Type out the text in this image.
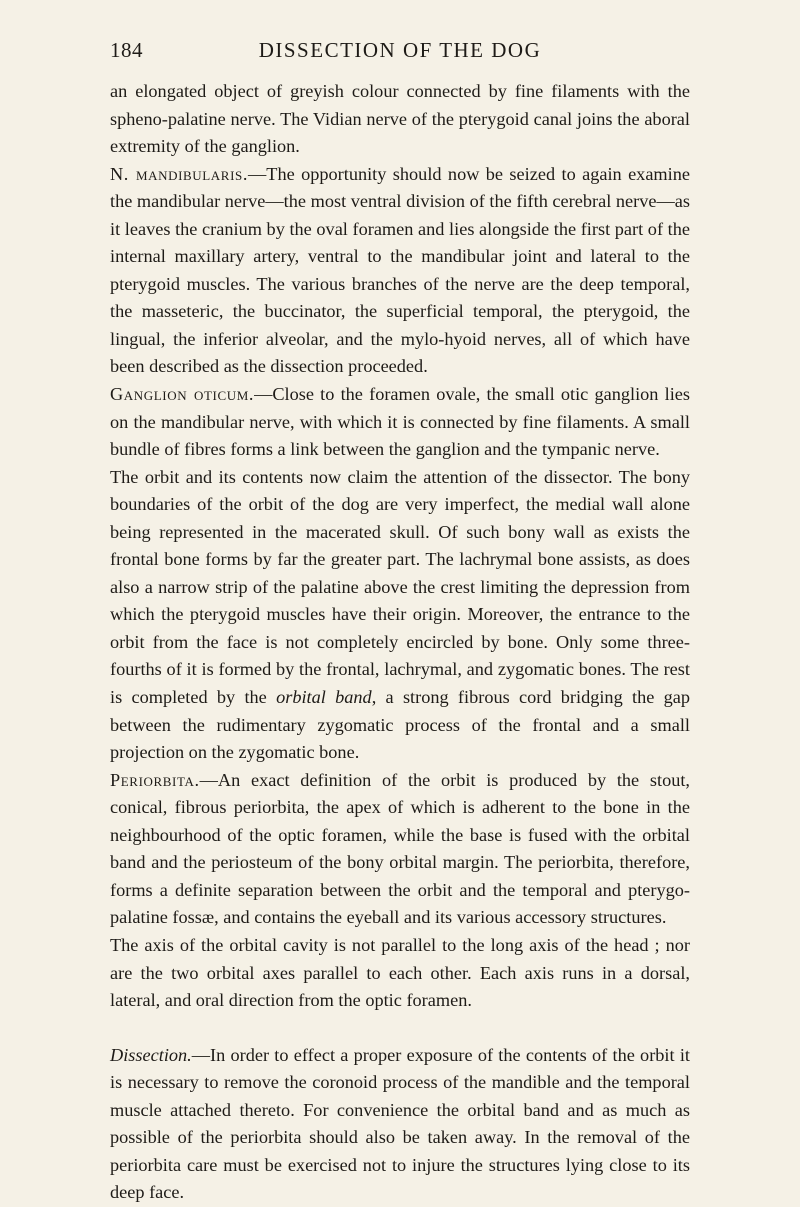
184	DISSECTION OF THE DOG

an elongated object of greyish colour connected by fine filaments with the spheno-palatine nerve. The Vidian nerve of the pterygoid canal joins the aboral extremity of the ganglion.

N. mandibularis.—The opportunity should now be seized to again examine the mandibular nerve—the most ventral division of the fifth cerebral nerve—as it leaves the cranium by the oval foramen and lies alongside the first part of the internal maxillary artery, ventral to the mandibular joint and lateral to the pterygoid muscles. The various branches of the nerve are the deep temporal, the masseteric, the buccinator, the superficial temporal, the pterygoid, the lingual, the inferior alveolar, and the mylo-hyoid nerves, all of which have been described as the dissection proceeded.

Ganglion oticum.—Close to the foramen ovale, the small otic ganglion lies on the mandibular nerve, with which it is connected by fine filaments. A small bundle of fibres forms a link between the ganglion and the tympanic nerve.

The orbit and its contents now claim the attention of the dissector. The bony boundaries of the orbit of the dog are very imperfect, the medial wall alone being represented in the macerated skull. Of such bony wall as exists the frontal bone forms by far the greater part. The lachrymal bone assists, as does also a narrow strip of the palatine above the crest limiting the depression from which the pterygoid muscles have their origin. Moreover, the entrance to the orbit from the face is not completely encircled by bone. Only some three-fourths of it is formed by the frontal, lachrymal, and zygomatic bones. The rest is completed by the orbital band, a strong fibrous cord bridging the gap between the rudimentary zygomatic process of the frontal and a small projection on the zygomatic bone.

Periorbita.—An exact definition of the orbit is produced by the stout, conical, fibrous periorbita, the apex of which is adherent to the bone in the neighbourhood of the optic foramen, while the base is fused with the orbital band and the periosteum of the bony orbital margin. The periorbita, therefore, forms a definite separation between the orbit and the temporal and pterygo-palatine fossæ, and contains the eyeball and its various accessory structures.

The axis of the orbital cavity is not parallel to the long axis of the head ; nor are the two orbital axes parallel to each other. Each axis runs in a dorsal, lateral, and oral direction from the optic foramen.

Dissection.—In order to effect a proper exposure of the contents of the orbit it is necessary to remove the coronoid process of the mandible and the temporal muscle attached thereto. For convenience the orbital band and as much as possible of the periorbita should also be taken away. In the removal of the periorbita care must be exercised not to injure the structures lying close to its deep face.
